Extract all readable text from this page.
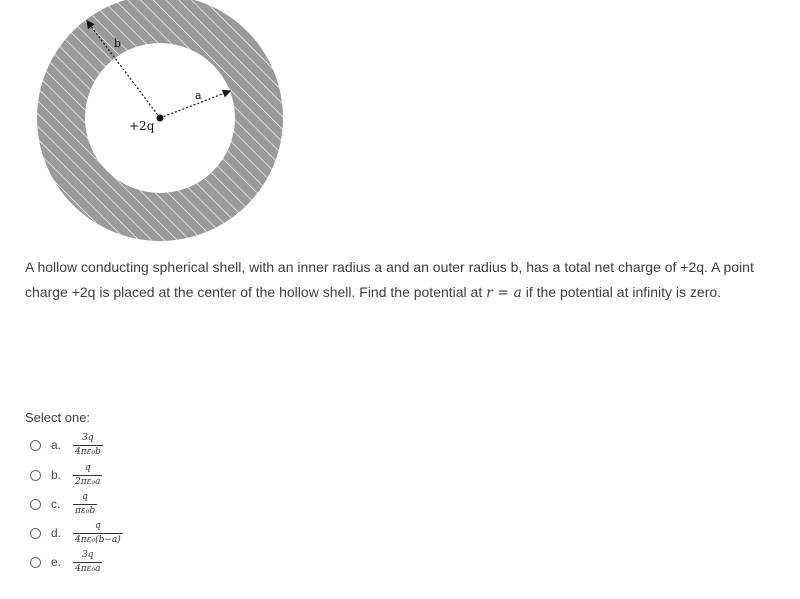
b
a
+2q
A hollow conducting spherical shell, with an inner radius a and an outer radius b, has a total net charge of +2q. A point charge +2q is placed at the center of the hollow shell. Find the potential at r = a if the potential at infinity is zero.
Select one:
a.	$\frac{3q}{\text{4πε₀b}}$
b.	$\frac{q}{\text{2πε₀a}}$
c.	$\frac{q}{\text{πε₀b}}$
d.	$\frac{q}{\text{4πε₀(b−a)}}$
e.	$\frac{3q}{\text{4πε₀a}}$
